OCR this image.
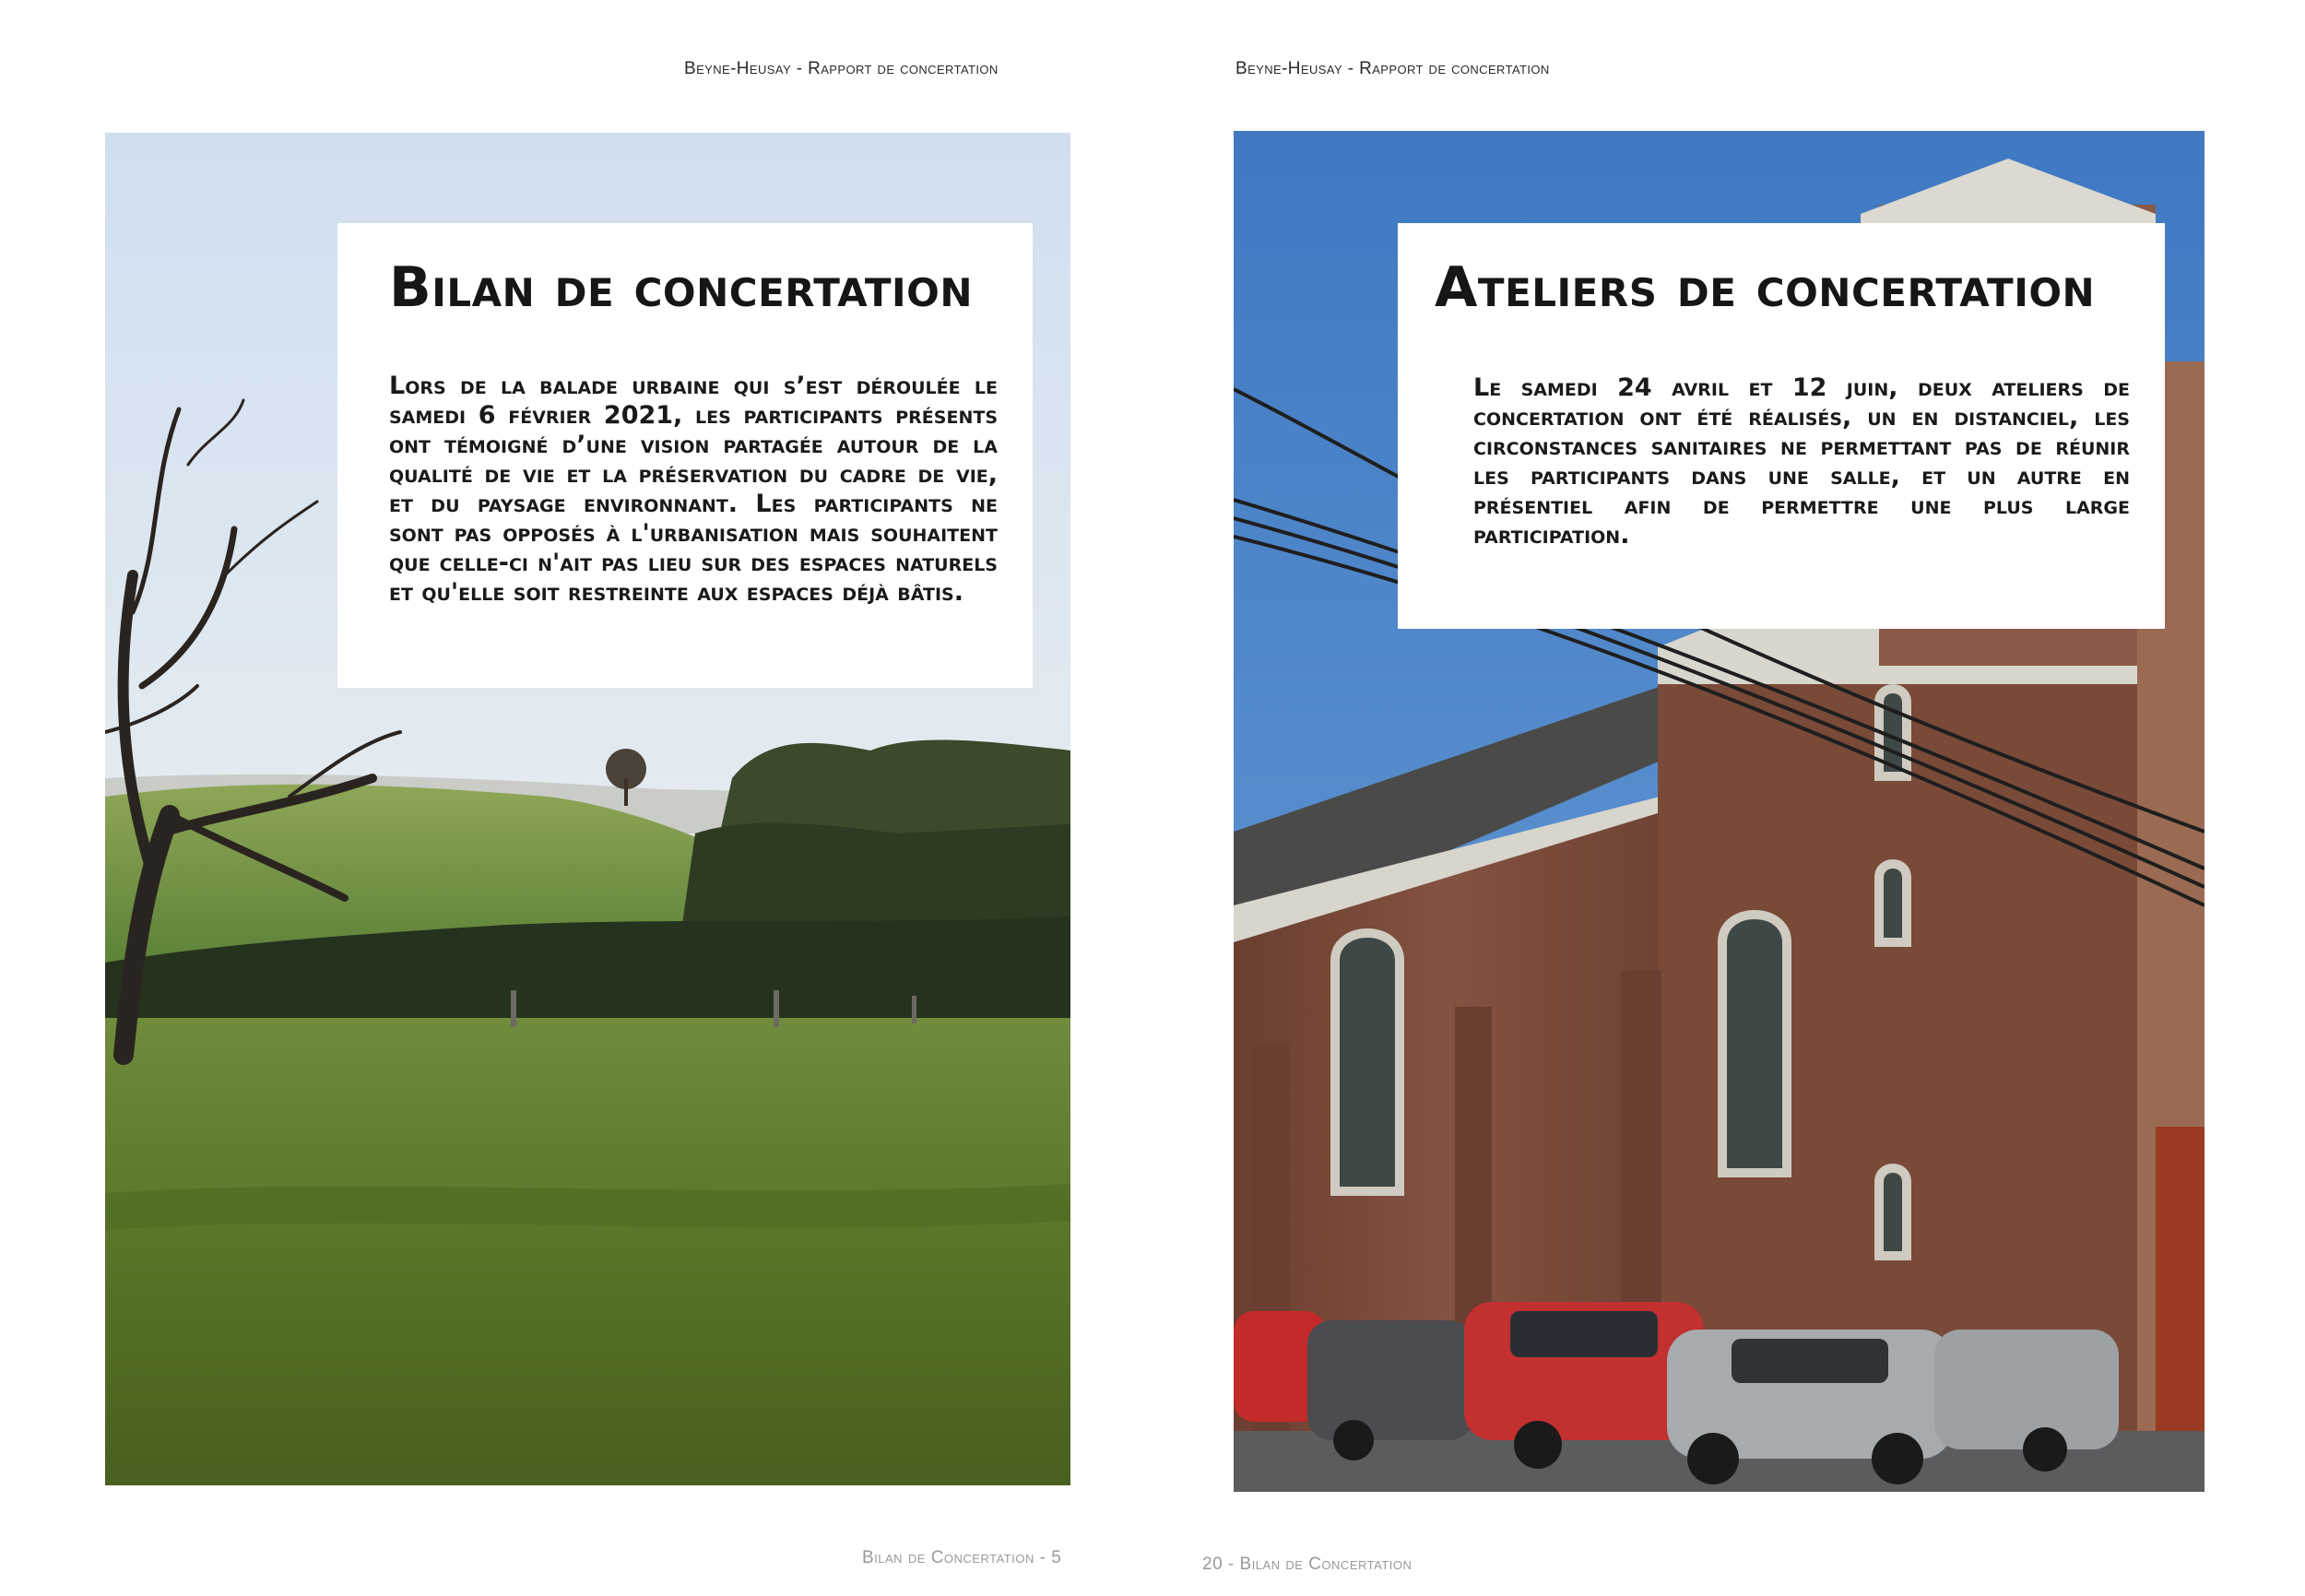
Beyne-Heusay - Rapport de concertation
Bilan de concertation
Lors de la balade urbaine qui s’est déroulée le samedi 6 février 2021, les participants présents ont témoigné d’une vision partagée autour de la qualité de vie et la préservation du cadre de vie, et du paysage environnant. Les participants ne sont pas opposés à l'urbanisation mais souhaitent que celle-ci n'ait pas lieu sur des espaces naturels et qu'elle soit restreinte aux espaces déjà bâtis.
Bilan de Concertation - 5
Beyne-Heusay - Rapport de concertation
Ateliers de concertation
Le samedi 24 avril et 12 juin, deux ateliers de concertation ont été réalisés, un en distanciel, les circonstances sanitaires ne permettant pas de réunir les participants dans une salle, et un autre en présentiel afin de permettre une plus large participation.
20 - Bilan de Concertation
